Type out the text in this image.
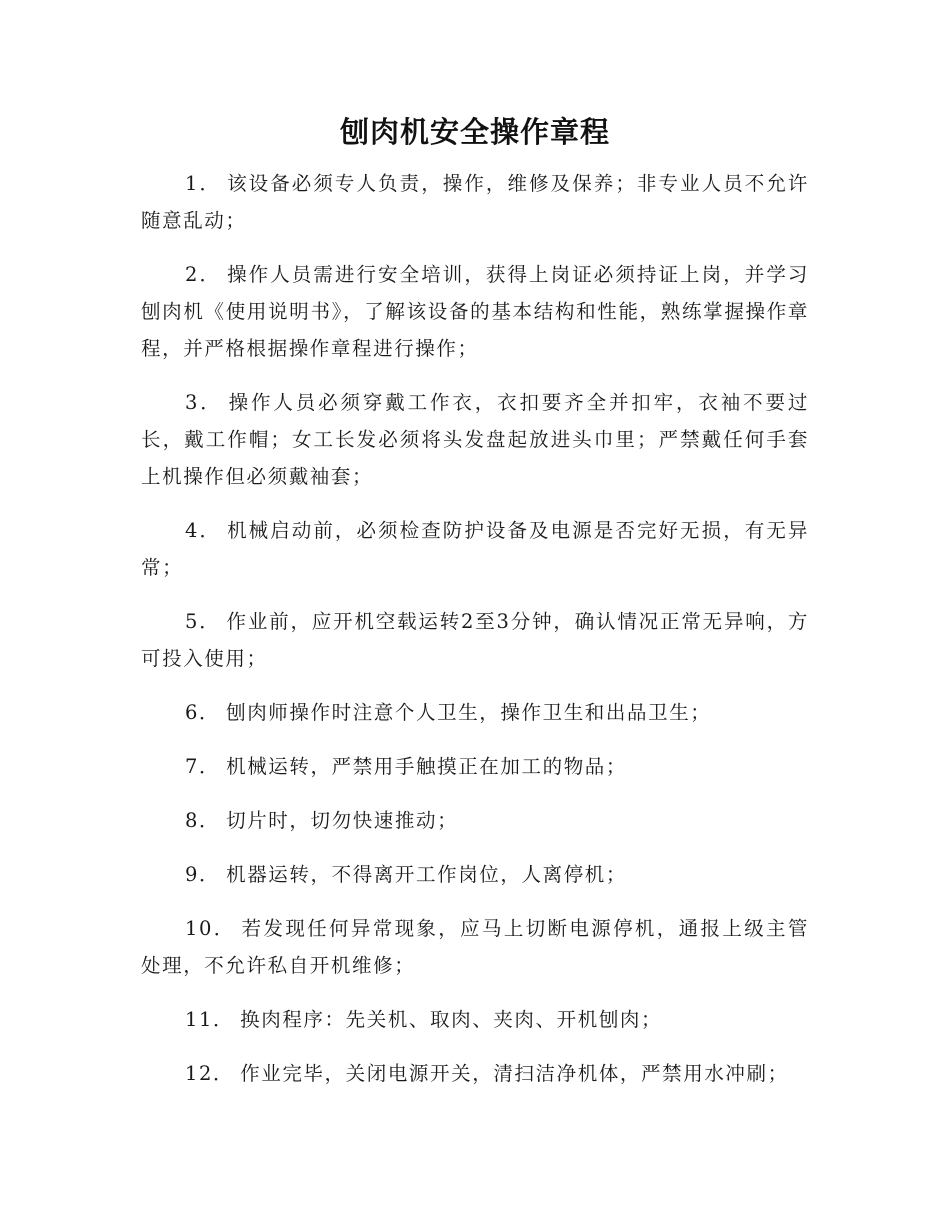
刨肉机安全操作章程

1． 该设备必须专人负责，操作，维修及保养；非专业人员不允许随意乱动；

2． 操作人员需进行安全培训，获得上岗证必须持证上岗，并学习刨肉机《使用说明书》，了解该设备的基本结构和性能，熟练掌握操作章程，并严格根据操作章程进行操作；

3． 操作人员必须穿戴工作衣，衣扣要齐全并扣牢，衣袖不要过长，戴工作帽；女工长发必须将头发盘起放进头巾里；严禁戴任何手套上机操作但必须戴袖套；

4． 机械启动前，必须检查防护设备及电源是否完好无损，有无异常；

5． 作业前，应开机空载运转2至3分钟，确认情况正常无异响，方可投入使用；

6． 刨肉师操作时注意个人卫生，操作卫生和出品卫生；

7． 机械运转，严禁用手触摸正在加工的物品；

8． 切片时，切勿快速推动；

9． 机器运转，不得离开工作岗位，人离停机；

10． 若发现任何异常现象，应马上切断电源停机，通报上级主管处理，不允许私自开机维修；

11． 换肉程序：先关机、取肉、夹肉、开机刨肉；

12． 作业完毕，关闭电源开关，清扫洁净机体，严禁用水冲刷；
